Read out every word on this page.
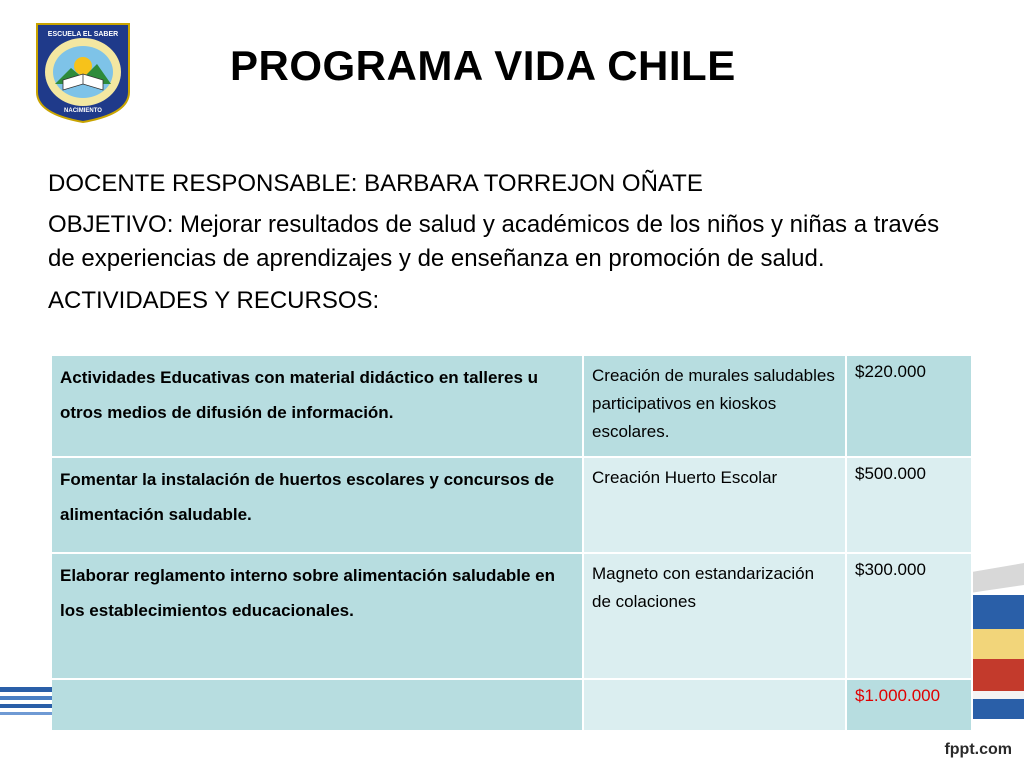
ESCUELA EL SABER
NACIMIENTO
PROGRAMA VIDA CHILE

DOCENTE RESPONSABLE: BARBARA TORREJON OÑATE

OBJETIVO: Mejorar resultados de salud y académicos de los niños y niñas a través de experiencias de aprendizajes y de enseñanza en promoción de salud.

ACTIVIDADES Y RECURSOS:

Actividades Educativas con material didáctico en talleres u otros medios de difusión de información.	Creación de murales saludables participativos en kioskos escolares.	$220.000
Fomentar la instalación de huertos escolares y concursos de alimentación saludable.	Creación Huerto Escolar	$500.000
Elaborar reglamento interno sobre alimentación saludable en los establecimientos educacionales.	Magneto con estandarización de colaciones	$300.000
		$1.000.000
fppt.com
